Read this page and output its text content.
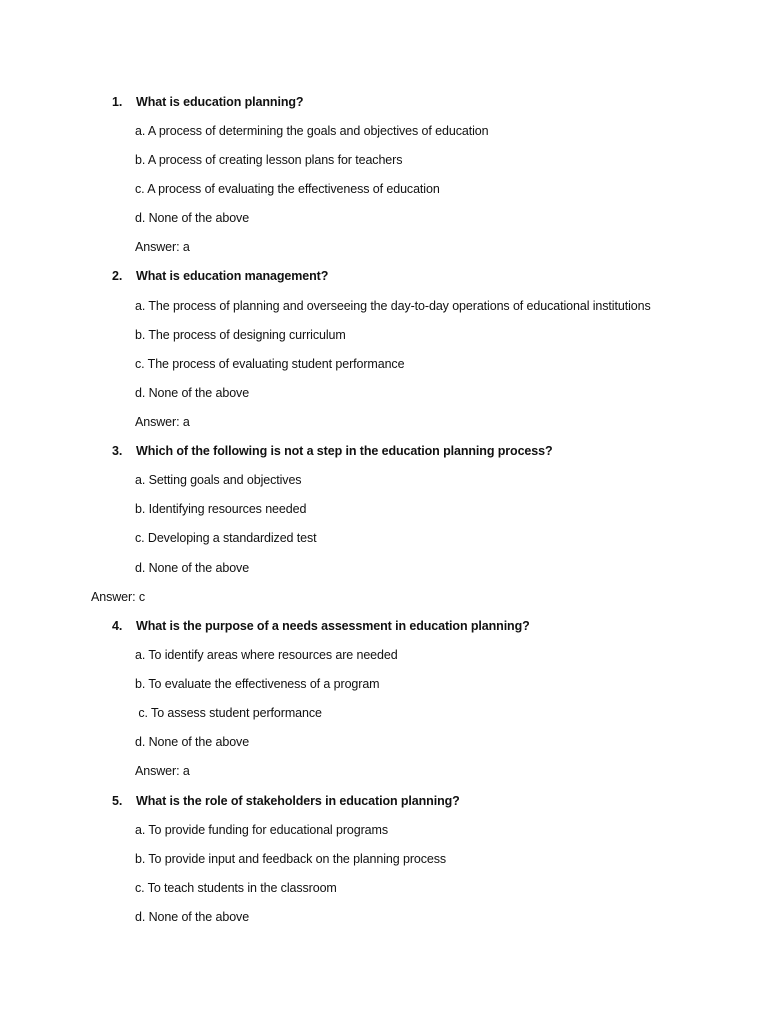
1. What is education planning?
a. A process of determining the goals and objectives of education
b. A process of creating lesson plans for teachers
c. A process of evaluating the effectiveness of education
d. None of the above
Answer: a
2. What is education management?
a. The process of planning and overseeing the day-to-day operations of educational institutions
b. The process of designing curriculum
c. The process of evaluating student performance
d. None of the above
Answer: a
3. Which of the following is not a step in the education planning process?
a. Setting goals and objectives
b. Identifying resources needed
c. Developing a standardized test
d. None of the above
Answer: c
4. What is the purpose of a needs assessment in education planning?
a. To identify areas where resources are needed
b. To evaluate the effectiveness of a program
c. To assess student performance
d. None of the above
Answer: a
5. What is the role of stakeholders in education planning?
a. To provide funding for educational programs
b. To provide input and feedback on the planning process
c. To teach students in the classroom
d. None of the above
